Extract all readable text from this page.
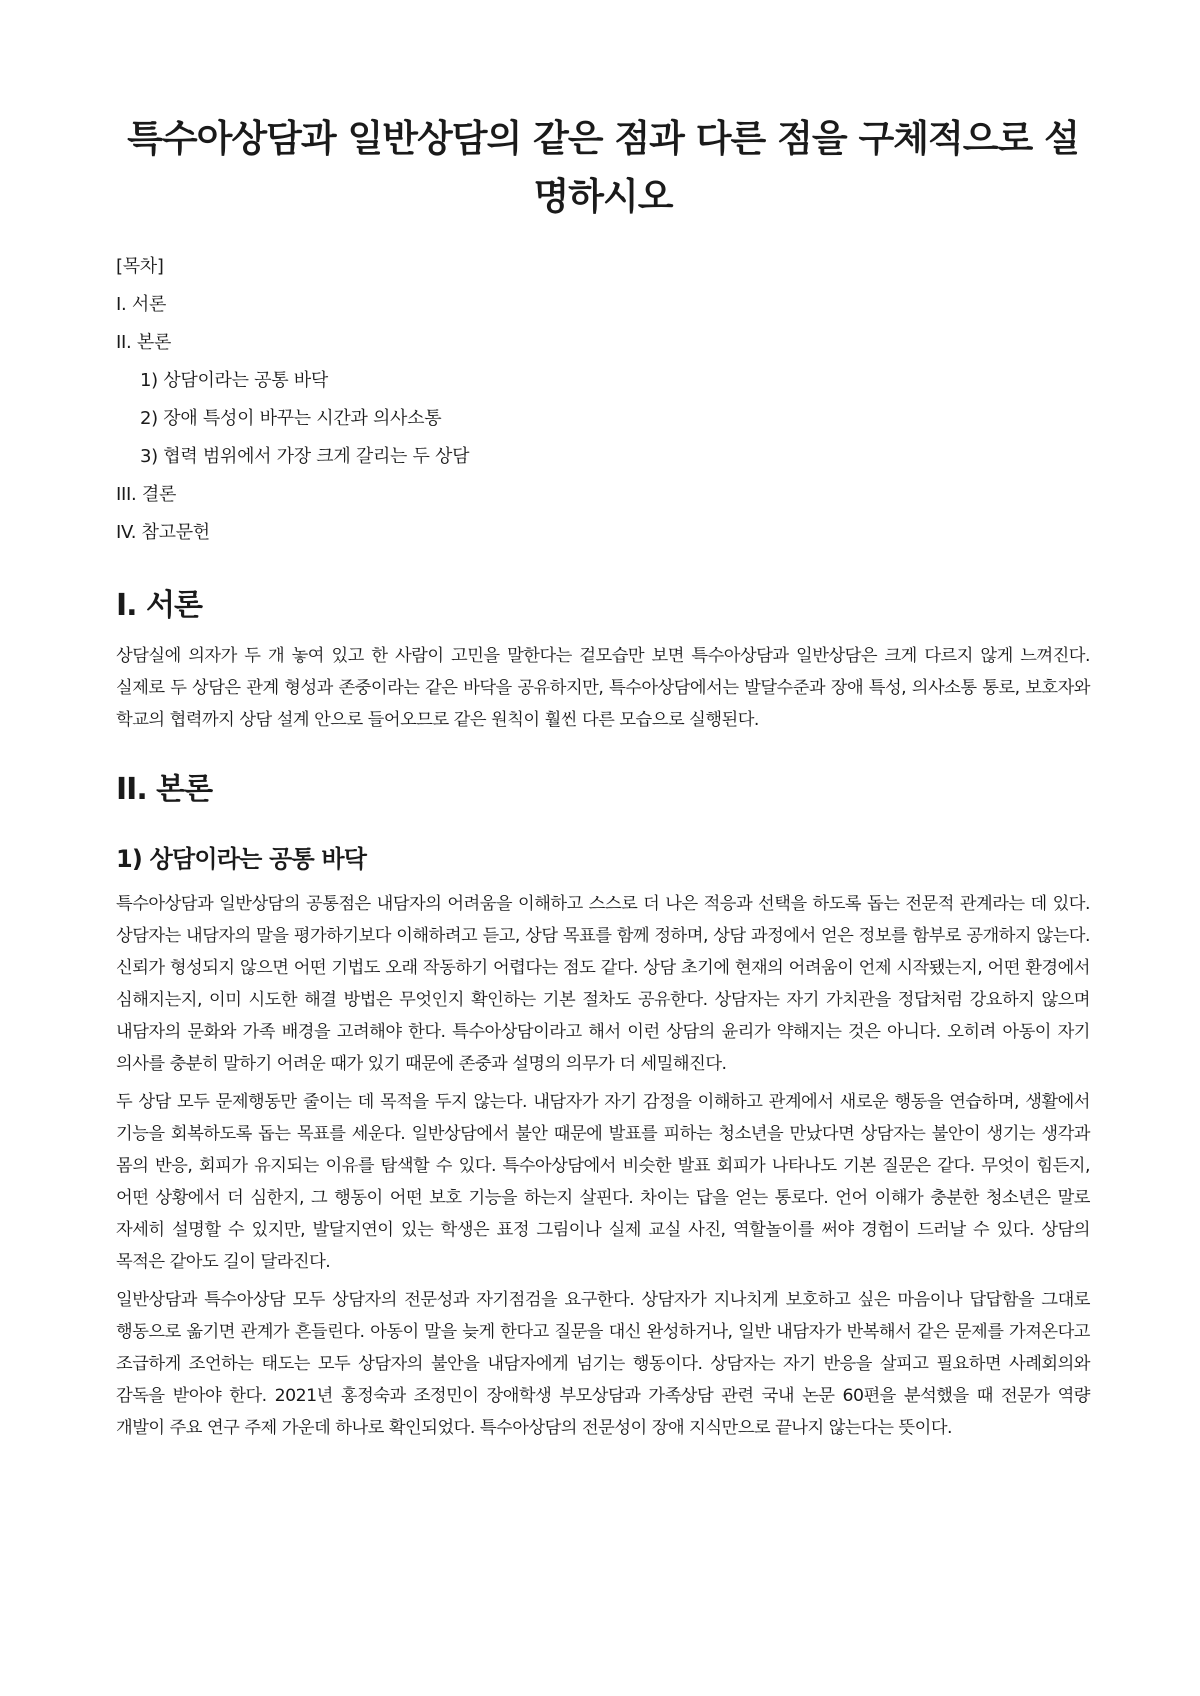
특수아상담과 일반상담의 같은 점과 다른 점을 구체적으로 설명하시오
[목차]
I. 서론
II. 본론
1) 상담이라는 공통 바닥
2) 장애 특성이 바꾸는 시간과 의사소통
3) 협력 범위에서 가장 크게 갈리는 두 상담
III. 결론
IV. 참고문헌
I. 서론

상담실에 의자가 두 개 놓여 있고 한 사람이 고민을 말한다는 겉모습만 보면 특수아상담과 일반상담은 크게 다르지 않게 느껴진다. 실제로 두 상담은 관계 형성과 존중이라는 같은 바닥을 공유하지만, 특수아상담에서는 발달수준과 장애 특성, 의사소통 통로, 보호자와 학교의 협력까지 상담 설계 안으로 들어오므로 같은 원칙이 훨씬 다른 모습으로 실행된다.

II. 본론
1) 상담이라는 공통 바닥

특수아상담과 일반상담의 공통점은 내담자의 어려움을 이해하고 스스로 더 나은 적응과 선택을 하도록 돕는 전문적 관계라는 데 있다. 상담자는 내담자의 말을 평가하기보다 이해하려고 듣고, 상담 목표를 함께 정하며, 상담 과정에서 얻은 정보를 함부로 공개하지 않는다. 신뢰가 형성되지 않으면 어떤 기법도 오래 작동하기 어렵다는 점도 같다. 상담 초기에 현재의 어려움이 언제 시작됐는지, 어떤 환경에서 심해지는지, 이미 시도한 해결 방법은 무엇인지 확인하는 기본 절차도 공유한다. 상담자는 자기 가치관을 정답처럼 강요하지 않으며 내담자의 문화와 가족 배경을 고려해야 한다. 특수아상담이라고 해서 이런 상담의 윤리가 약해지는 것은 아니다. 오히려 아동이 자기 의사를 충분히 말하기 어려운 때가 있기 때문에 존중과 설명의 의무가 더 세밀해진다.

두 상담 모두 문제행동만 줄이는 데 목적을 두지 않는다. 내담자가 자기 감정을 이해하고 관계에서 새로운 행동을 연습하며, 생활에서 기능을 회복하도록 돕는 목표를 세운다. 일반상담에서 불안 때문에 발표를 피하는 청소년을 만났다면 상담자는 불안이 생기는 생각과 몸의 반응, 회피가 유지되는 이유를 탐색할 수 있다. 특수아상담에서 비슷한 발표 회피가 나타나도 기본 질문은 같다. 무엇이 힘든지, 어떤 상황에서 더 심한지, 그 행동이 어떤 보호 기능을 하는지 살핀다. 차이는 답을 얻는 통로다. 언어 이해가 충분한 청소년은 말로 자세히 설명할 수 있지만, 발달지연이 있는 학생은 표정 그림이나 실제 교실 사진, 역할놀이를 써야 경험이 드러날 수 있다. 상담의 목적은 같아도 길이 달라진다.

일반상담과 특수아상담 모두 상담자의 전문성과 자기점검을 요구한다. 상담자가 지나치게 보호하고 싶은 마음이나 답답함을 그대로 행동으로 옮기면 관계가 흔들린다. 아동이 말을 늦게 한다고 질문을 대신 완성하거나, 일반 내담자가 반복해서 같은 문제를 가져온다고 조급하게 조언하는 태도는 모두 상담자의 불안을 내담자에게 넘기는 행동이다. 상담자는 자기 반응을 살피고 필요하면 사례회의와 감독을 받아야 한다. 2021년 홍정숙과 조정민이 장애학생 부모상담과 가족상담 관련 국내 논문 60편을 분석했을 때 전문가 역량 개발이 주요 연구 주제 가운데 하나로 확인되었다. 특수아상담의 전문성이 장애 지식만으로 끝나지 않는다는 뜻이다.
